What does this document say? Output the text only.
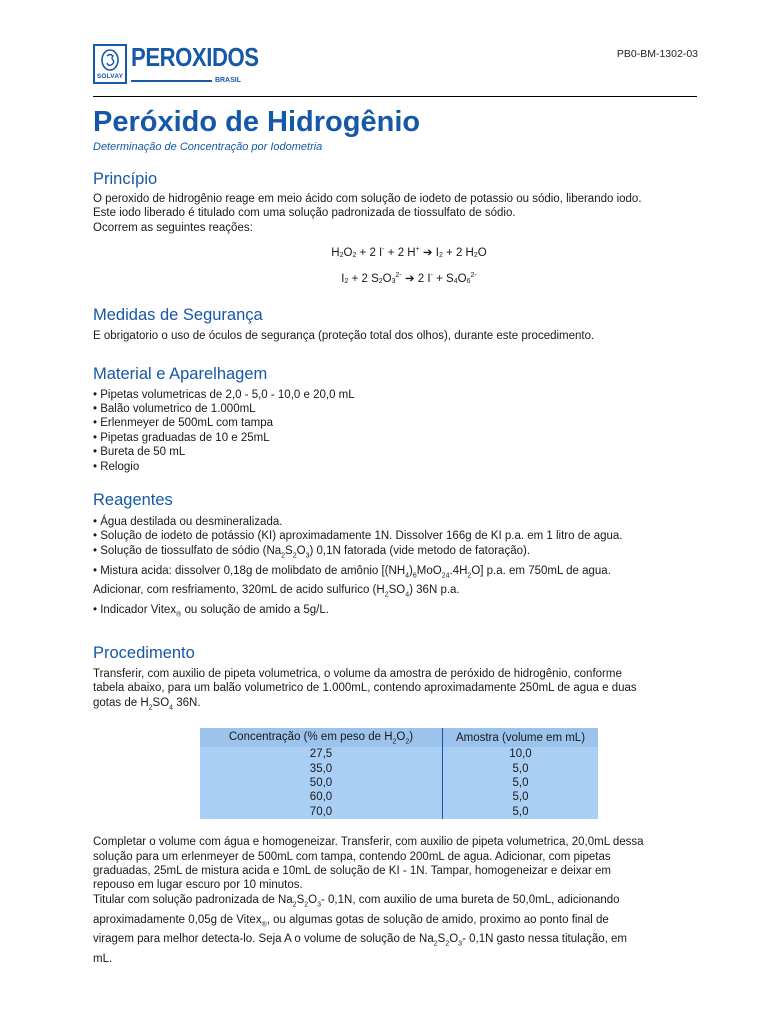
SOLVAY
PEROXIDOS
BRASIL
PB0-BM-1302-03
Peróxido de Hidrogênio
Determinação de Concentração por Iodometria
Princípio

O peroxido de hidrogênio reage em meio ácido com solução de iodeto de potassio ou sódio, liberando iodo.

Este iodo liberado é titulado com uma solução padronizada de tiossulfato de sódio.

Ocorrem as seguintes reações:

$H_2O_2 + 2$ I- + 2 H+ ➔ $I_2 + 2$ $H_2O$
$I_2 + 2$ $S_2O_3^{2-}$ ➔ 2 $I^- + S_4O_6^{2-}$
Medidas de Segurança

E obrigatorio o uso de óculos de segurança (proteção total dos olhos), durante este procedimento.

Material e Aparelhagem

• Pipetas volumetricas de 2,0 - 5,0 - 10,0 e 20,0 mL

• Balão volumetrico de 1.000mL

• Erlenmeyer de 500mL com tampa

• Pipetas graduadas de 10 e 25mL

• Bureta de 50 mL

• Relogio

Reagentes

• Água destilada ou desmineralizada.

• Solução de iodeto de potássio (KI) aproximadamente 1N. Dissolver 166g de KI p.a. em 1 litro de agua.

• Solução de tiossulfato de sódio $(Na_2S_2O_3)$ 0,1N fatorada (vide metodo de fatoração).

• Mistura acida: dissolver 0,18g de molibdato de amônio $[(NH_4)_6MoO_{24}.4H_2O]$ p.a. em 750mL de agua.

Adicionar, com resfriamento, 320mL de acido sulfurico $(H_2SO_4)$ 36N p.a.

• Indicador Vitex$_®$ ou solução de amido a 5g/L.

Procedimento

Transferir, com auxilio de pipeta volumetrica, o volume da amostra de peróxido de hidrogênio, conforme

tabela abaixo, para um balão volumetrico de 1.000mL, contendo aproximadamente 250mL de agua e duas

gotas de $H_2SO_4$ 36N.

Concentração (% em peso de $H_2O_2$)	Amostra (volume em mL)
27,5	10,0
35,0	5,0
50,0	5,0
60,0	5,0
70,0	5,0

Completar o volume com água e homogeneizar. Transferir, com auxilio de pipeta volumetrica, 20,0mL dessa

solução para um erlenmeyer de 500mL com tampa, contendo 200mL de agua. Adicionar, com pipetas

graduadas, 25mL de mistura acida e 10mL de solução de KI - 1N. Tampar, homogeneizar e deixar em

repouso em lugar escuro por 10 minutos.

Titular com solução padronizada de $Na_2S_2O_3-$ 0,1N, com auxilio de uma bureta de 50,0mL, adicionando

aproximadamente 0,05g de Vitex$_®$, ou algumas gotas de solução de amido, proximo ao ponto final de

viragem para melhor detecta-lo. Seja A o volume de solução de $Na_2S_2O_3-$ 0,1N gasto nessa titulação, em

mL.
